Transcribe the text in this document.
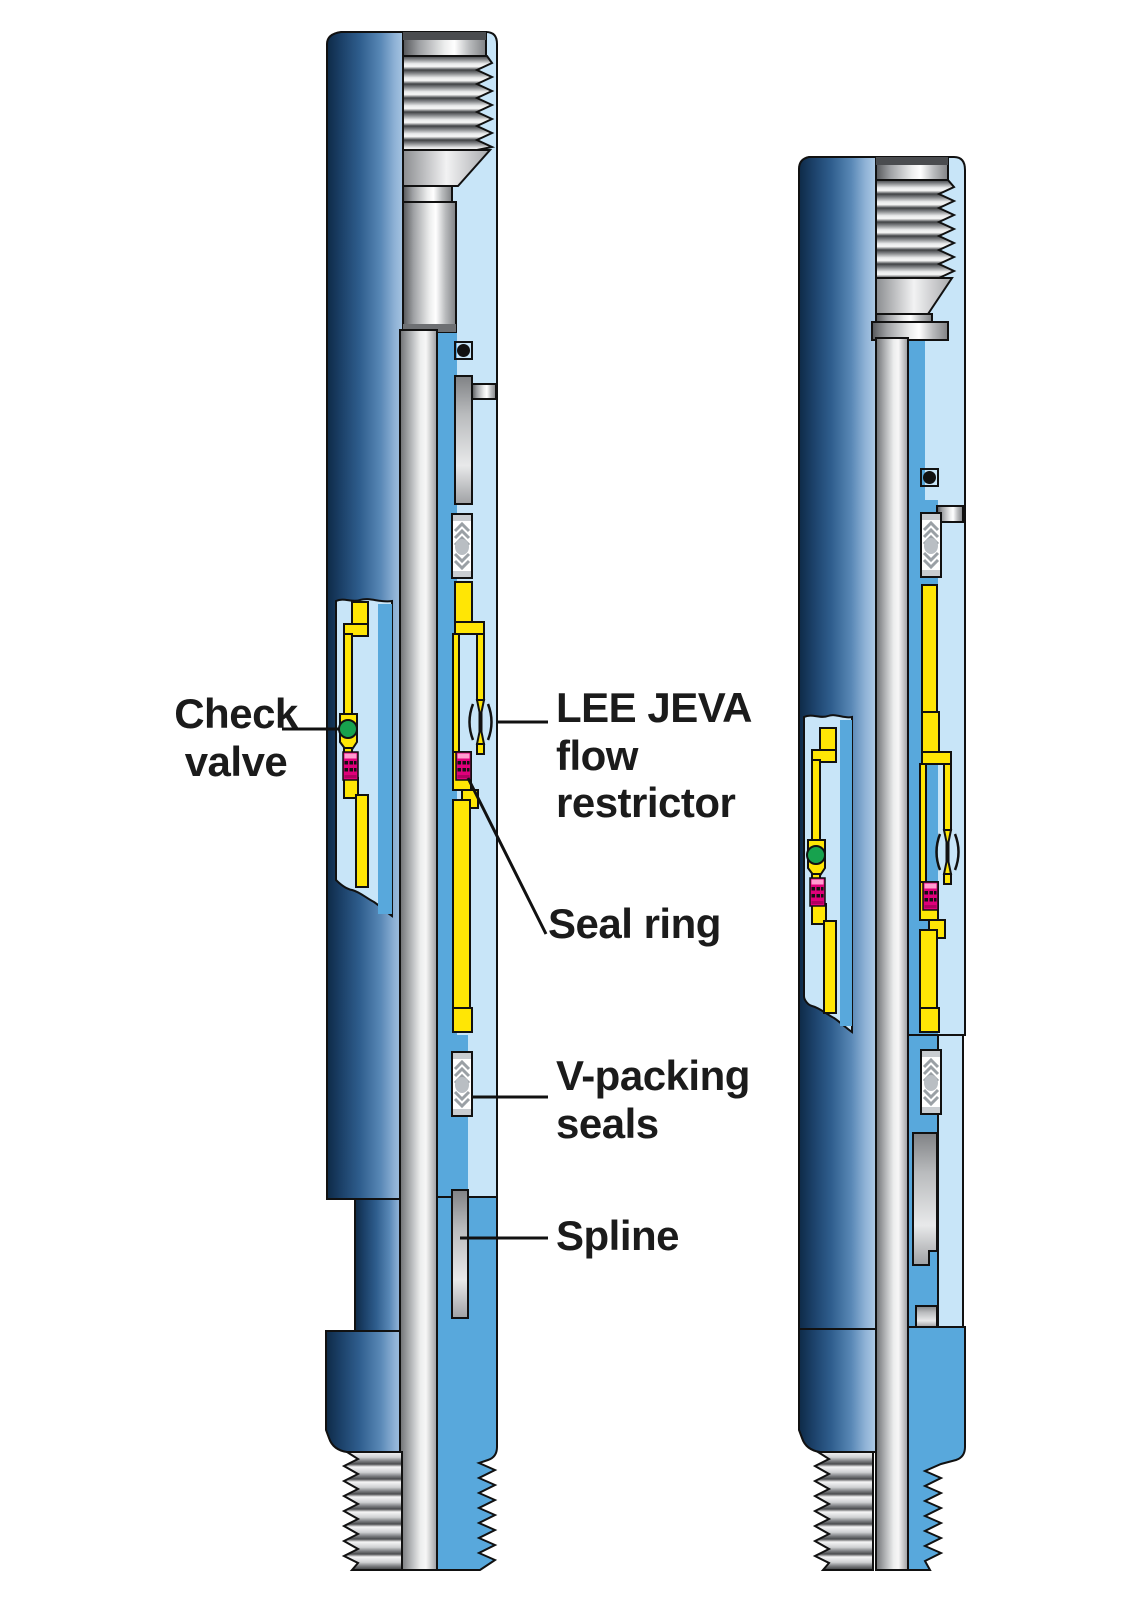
Check
valve
LEE JEVA
flow
restrictor
Seal ring
V-packing
seals
Spline
